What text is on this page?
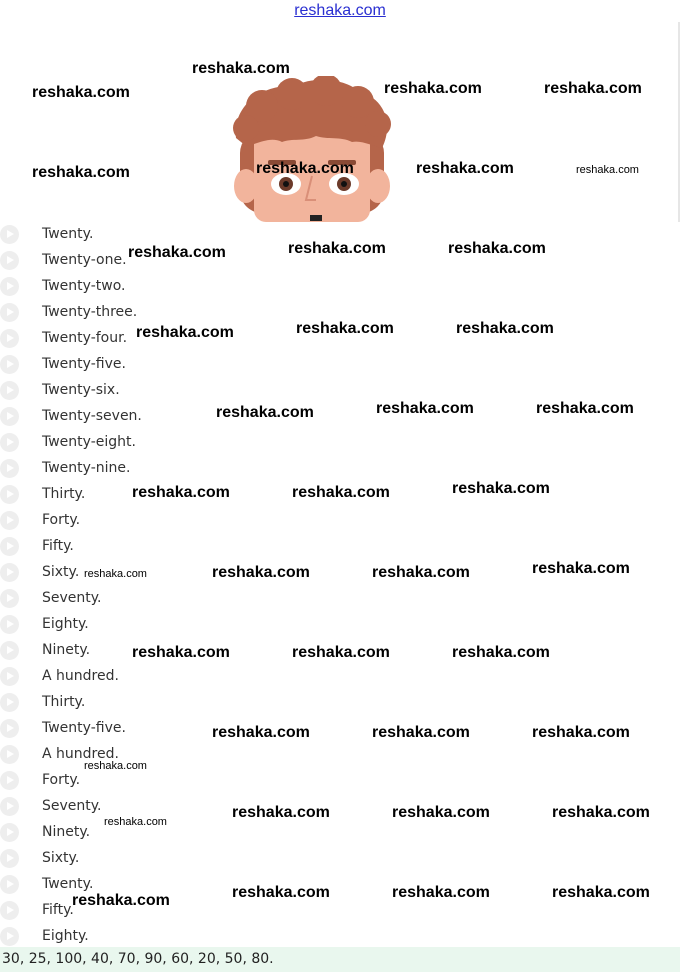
reshaka.com
Twenty.
Twenty-one.
Twenty-two.
Twenty-three.
Twenty-four.
Twenty-five.
Twenty-six.
Twenty-seven.
Twenty-eight.
Twenty-nine.
Thirty.
Forty.
Fifty.
Sixty.
Seventy.
Eighty.
Ninety.
A hundred.
Thirty.
Twenty-five.
A hundred.
Forty.
Seventy.
Ninety.
Sixty.
Twenty.
Fifty.
Eighty.
30, 25, 100, 40, 70, 90, 60, 20, 50, 80.
reshaka.com
reshaka.com	reshaka.com	reshaka.com
reshaka.com	reshaka.com	reshaka.com	reshaka.com
reshaka.com	reshaka.com	reshaka.com
reshaka.com	reshaka.com	reshaka.com
reshaka.com	reshaka.com	reshaka.com
reshaka.com	reshaka.com	reshaka.com
reshaka.com	reshaka.com	reshaka.com	reshaka.com
reshaka.com	reshaka.com	reshaka.com
reshaka.com	reshaka.com	reshaka.com
reshaka.com
reshaka.com	reshaka.com	reshaka.com
reshaka.com
reshaka.com	reshaka.com	reshaka.com	reshaka.com
